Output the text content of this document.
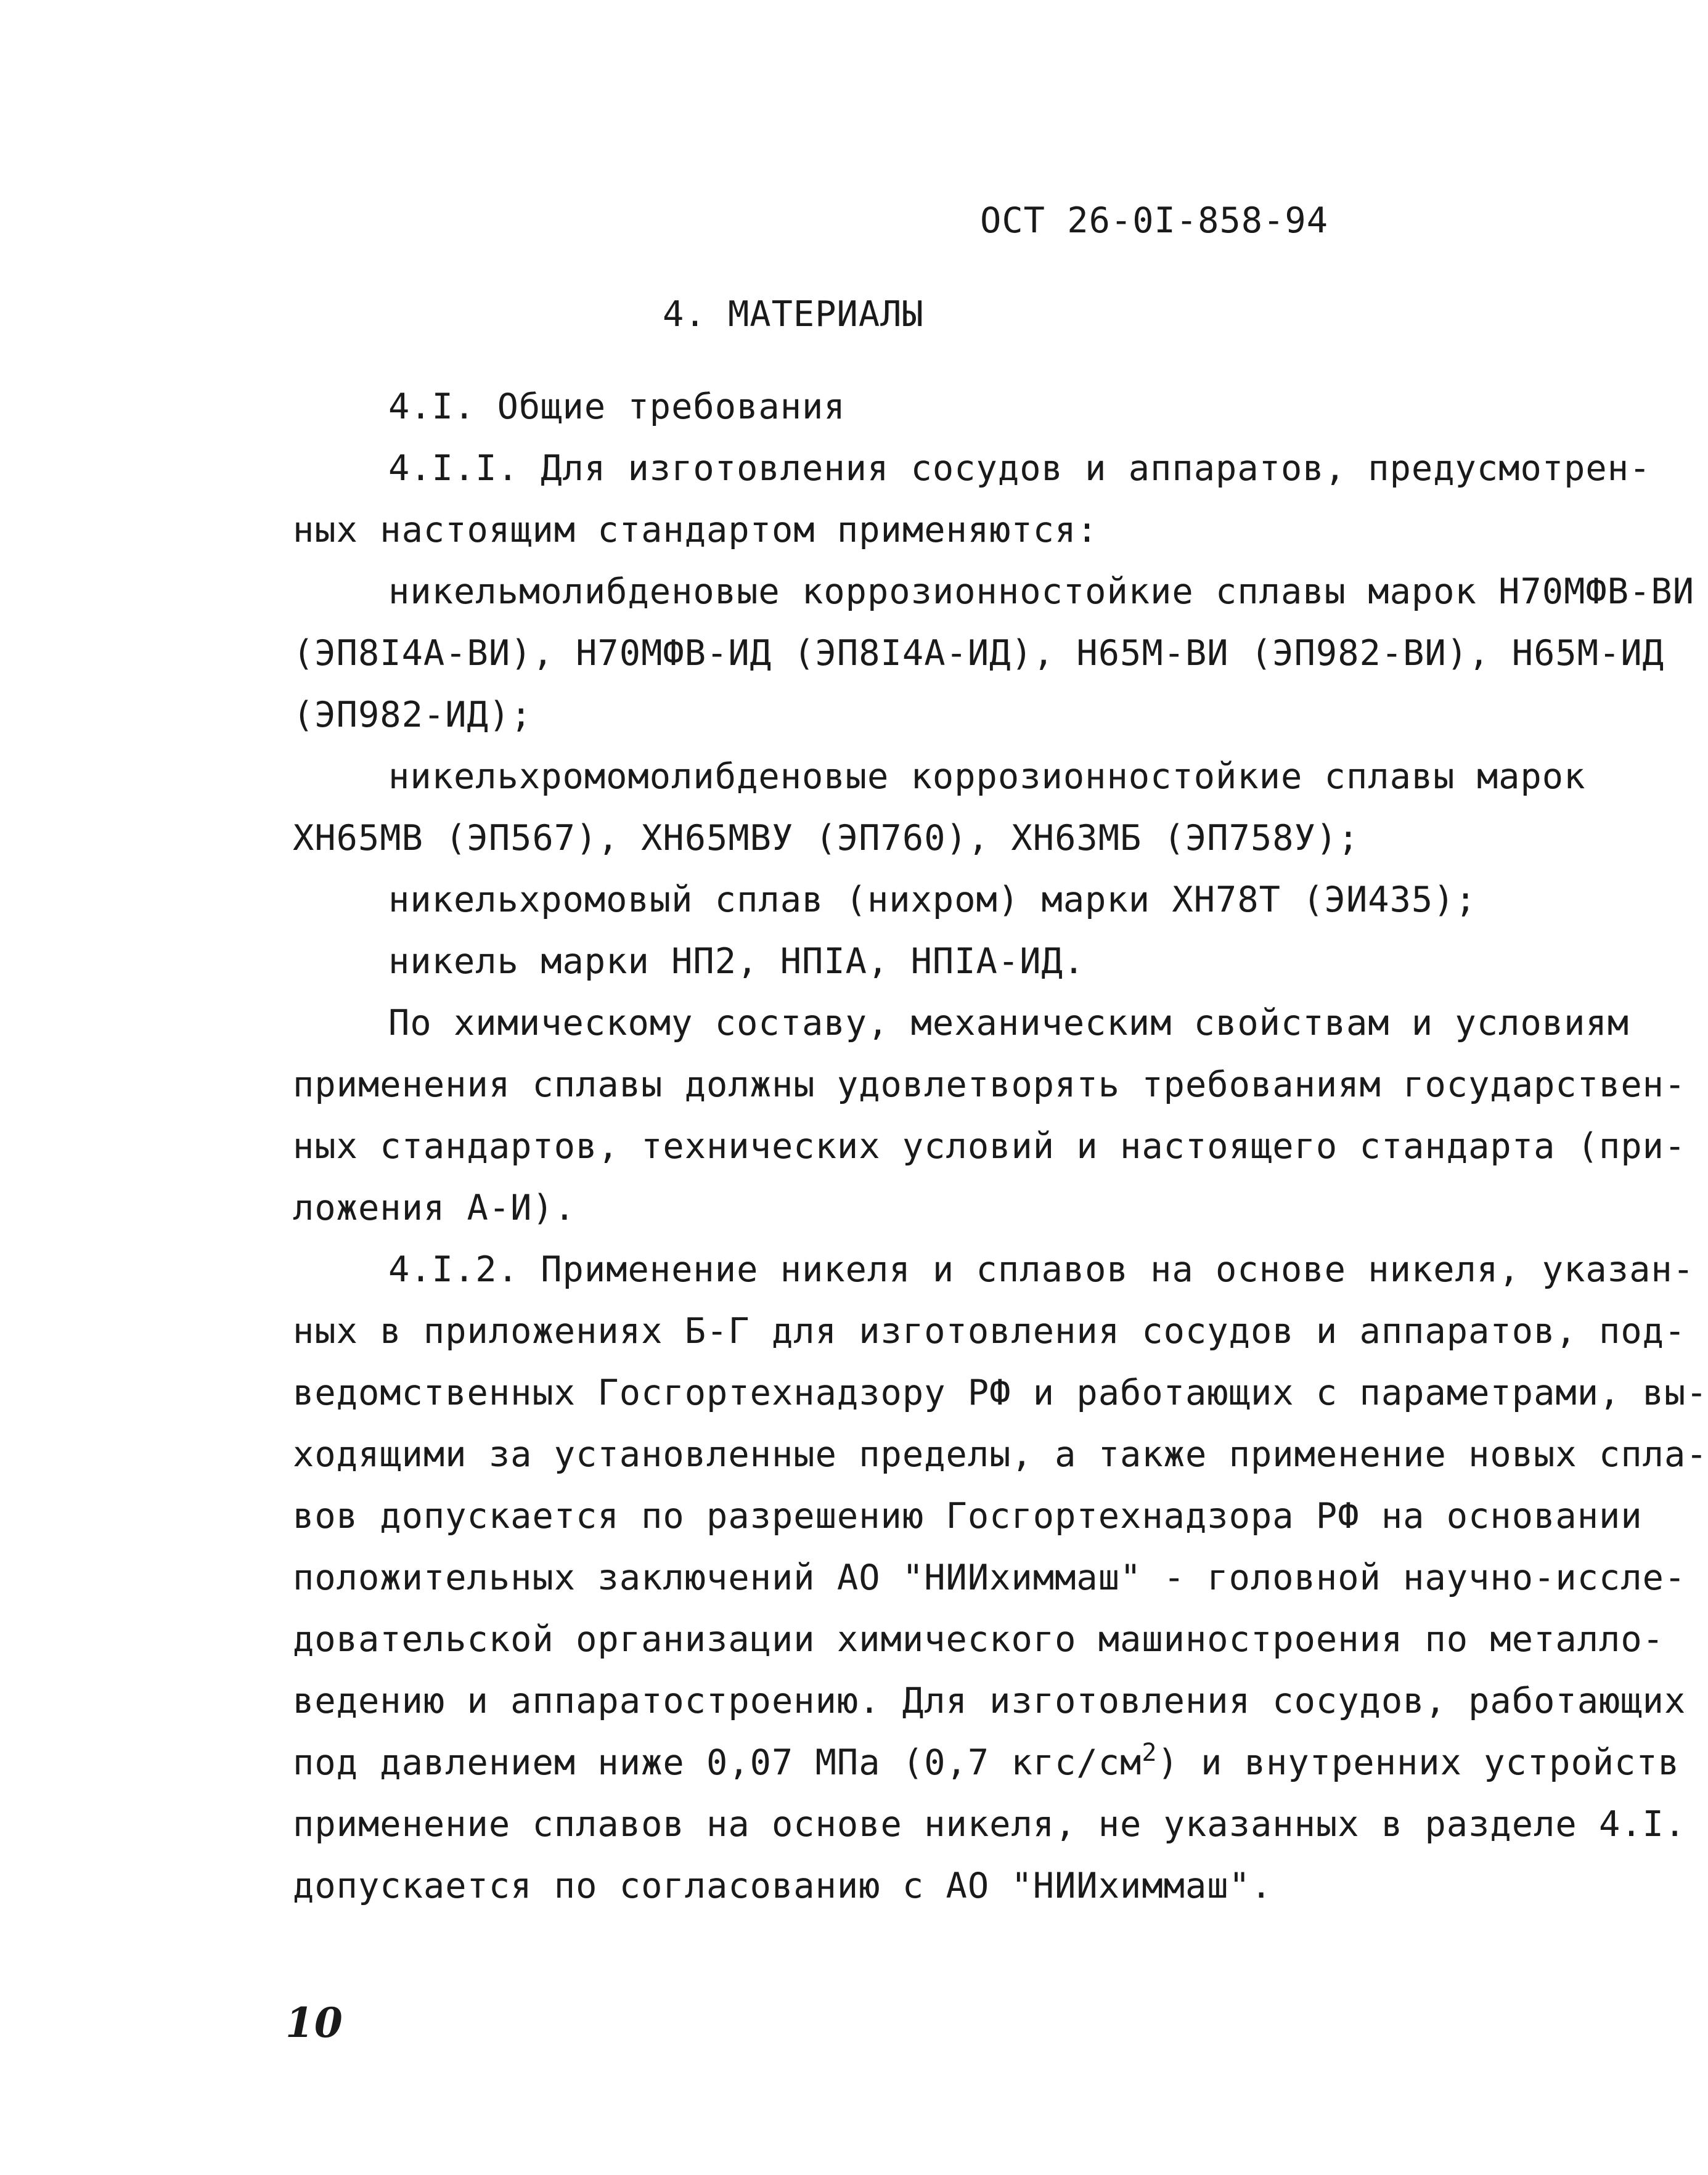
ОСТ 26-0I-858-94
4. МАТЕРИАЛЫ
4.I. Общие требования
4.I.I. Для изготовления сосудов и аппаратов, предусмотрен-
ных настоящим стандартом применяются:
никельмолибденовые коррозионностойкие сплавы марок Н70МФВ-ВИ
(ЭП8I4А-ВИ), Н70МФВ-ИД (ЭП8I4А-ИД), Н65М-ВИ (ЭП982-ВИ), Н65М-ИД
(ЭП982-ИД);
никельхромомолибденовые коррозионностойкие сплавы марок
ХН65МВ (ЭП567), ХН65МВУ (ЭП760), ХН63МБ (ЭП758У);
никельхромовый сплав (нихром) марки ХН78Т (ЭИ435);
никель марки НП2, НПIА, НПIА-ИД.
По химическому составу, механическим свойствам и условиям
применения сплавы должны удовлетворять требованиям государствен-
ных стандартов, технических условий и настоящего стандарта (при-
ложения А-И).
4.I.2. Применение никеля и сплавов на основе никеля, указан-
ных в приложениях Б-Г для изготовления сосудов и аппаратов, под-
ведомственных Госгортехнадзору РФ и работающих с параметрами, вы-
ходящими за установленные пределы, а также применение новых спла-
вов допускается по разрешению Госгортехнадзора РФ на основании
положительных заключений АО "НИИхиммаш" - головной научно-иссле-
довательской организации химического машиностроения по металло-
ведению и аппаратостроению. Для изготовления сосудов, работающих
под давлением ниже 0,07 МПа (0,7 кгс/$см^2$) и внутренних устройств
применение сплавов на основе никеля, не указанных в разделе 4.I.
допускается по согласованию с АО "НИИхиммаш".
10
